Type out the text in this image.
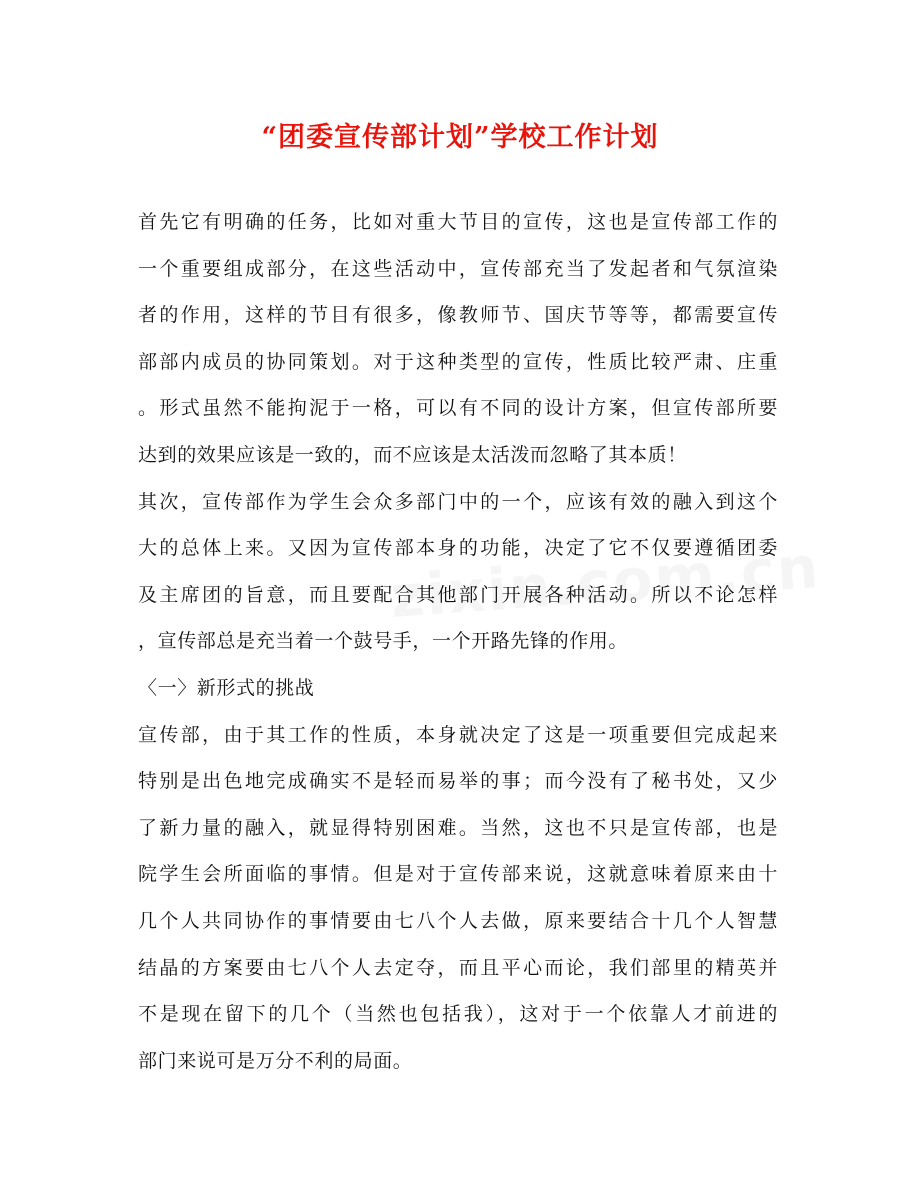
“团委宣传部计划”学校工作计划
首先它有明确的任务，比如对重大节目的宣传，这也是宣传部工作的
一个重要组成部分，在这些活动中，宣传部充当了发起者和气氛渲染
者的作用，这样的节目有很多，像教师节、国庆节等等，都需要宣传
部部内成员的协同策划。对于这种类型的宣传，性质比较严肃、庄重
。形式虽然不能拘泥于一格，可以有不同的设计方案，但宣传部所要
达到的效果应该是一致的，而不应该是太活泼而忽略了其本质！
其次，宣传部作为学生会众多部门中的一个，应该有效的融入到这个
大的总体上来。又因为宣传部本身的功能，决定了它不仅要遵循团委
及主席团的旨意，而且要配合其他部门开展各种活动。所以不论怎样
，宣传部总是充当着一个鼓号手，一个开路先锋的作用。
〈一〉新形式的挑战
宣传部，由于其工作的性质，本身就决定了这是一项重要但完成起来
特别是出色地完成确实不是轻而易举的事；而今没有了秘书处，又少
了新力量的融入，就显得特别困难。当然，这也不只是宣传部，也是
院学生会所面临的事情。但是对于宣传部来说，这就意味着原来由十
几个人共同协作的事情要由七八个人去做，原来要结合十几个人智慧
结晶的方案要由七八个人去定夺，而且平心而论，我们部里的精英并
不是现在留下的几个（当然也包括我），这对于一个依靠人才前进的
部门来说可是万分不利的局面。
